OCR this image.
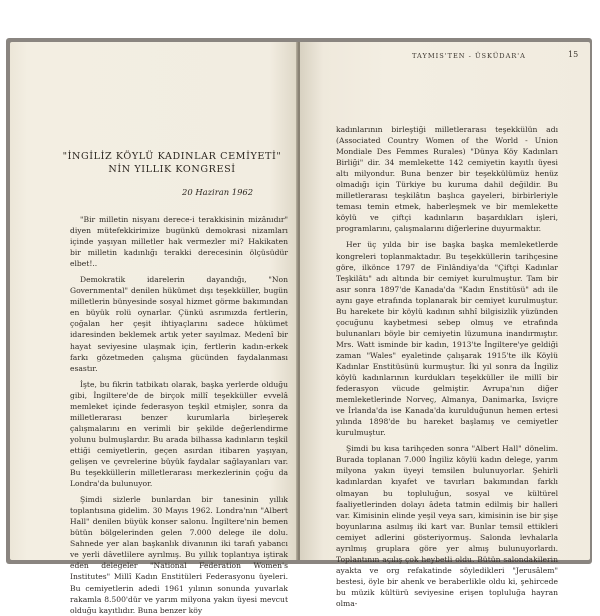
"İNGİLİZ KÖYLÜ KADINLAR CEMİYETİ" NİN YILLIK KONGRESİ
20 Haziran 1962

"Bir milletin nisyanı derece-i terakkisinin mizânıdır" diyen mütefekkirimize bugünkü demokrasi nizamları içinde yaşıyan milletler hak vermezler mi? Hakikaten bir milletin kadınlığı terakki derecesinin ölçüsüdür elbet!..

Demokratik idarelerin dayandığı, "Non Governmental" denilen hükümet dışı teşekküller, bugün milletlerin bünyesinde sosyal hizmet görme bakımından en büyük rolü oynarlar. Çünkü asrımızda fertlerin, çoğalan her çeşit ihtiyaçlarını sadece hükümet idaresinden beklemek artık yeter sayılmaz. Medenî bir hayat seviyesine ulaşmak için, fertlerin kadın-erkek farkı gözetmeden çalışma gücünden faydalanması esastır.

İşte, bu fikrin tatbikatı olarak, başka yerlerde olduğu gibi, İngiltere'de de birçok millî teşekküller evvelâ memleket içinde federasyon teşkil etmişler, sonra da milletlerarası benzer kurumlarla birleşerek çalışmalarını en verimli bir şekilde değerlendirme yolunu bulmuşlardır. Bu arada bilhassa kadınların teşkil ettiği cemiyetlerin, geçen asırdan itibaren yaşıyan, gelişen ve çevrelerine büyük faydalar sağlayanları var. Bu teşekküllerin milletlerarası merkezlerinin çoğu da Londra'da bulunuyor.

Şimdi sizlerle bunlardan bir tanesinin yıllık toplantısına gidelim. 30 Mayıs 1962. Londra'nın "Albert Hall" denilen büyük konser salonu. İngiltere'nin bemen bütün bölgelerinden gelen 7.000 delege ile dolu. Sahnede yer alan başkanlık divanının iki tarafı yabancı ve yerli dâvetlilere ayrılmış. Bu yıllık toplantıya iştirak eden delegeler "National Federation Women's Institutes" Millî Kadın Enstitüleri Federasyonu üyeleri. Bu cemiyetlerin adedi 1961 yılının sonunda yuvarlak rakamla 8.500'dür ve yarım milyona yakın üyesi mevcut olduğu kayıtlıdır. Buna benzer köy

TAYMIS'TEN - ÜSKÜDAR'A	15

kadınlarının birleştiği milletlerarası teşekkülün adı (Associated Country Women of the World - Union Mondiale Des Femmes Rurales) "Dünya Köy Kadınları Birliği" dir. 34 memlekette 142 cemiyetin kayıtlı üyesi altı milyondur. Buna benzer bir teşekkülümüz henüz olmadığı için Türkiye bu kuruma dahil değildir. Bu milletlerarası teşkilâtın başlıca gayeleri, birbirleriyle teması temin etmek, haberleşmek ve bir memlekette köylü ve çiftçi kadınların başardıkları işleri, programlarını, çalışmalarını diğerlerine duyurmaktır.

Her üç yılda bir ise başka başka memleketlerde kongreleri toplanmaktadır. Bu teşekküllerin tarihçesine göre, ilkönce 1797 de Finlândiya'da "Çiftçi Kadınlar Teşkilâtı" adı altında bir cemiyet kurulmuştur. Tam bir asır sonra 1897'de Kanada'da "Kadın Enstitüsü" adı ile aynı gaye etrafında toplanarak bir cemiyet kurulmuştur. Bu harekete bir köylü kadının sıhhî bilgisizlik yüzünden çocuğunu kaybetmesi sebep olmuş ve etrafında bulunanları böyle bir cemiyetin lüzumuna inandırmıştır. Mrs. Watt isminde bir kadın, 1913'te İngiltere'ye geldiği zaman "Wales" eyaletinde çalışarak 1915'te ilk Köylü Kadınlar Enstitüsünü kurmuştur. İki yıl sonra da İngiliz köylü kadınlarının kurdukları teşekküller ile millî bir federasyon vücude gelmiştir. Avrupa'nın diğer memleketlerinde Norveç, Almanya, Danimarka, Isviçre ve İrlanda'da ise Kanada'da kurulduğunun hemen ertesi yılında 1898'de bu hareket başlamış ve cemiyetler kurulmuştur.

Şimdi bu kısa tarihçeden sonra "Albert Hall" dönelim. Burada toplanan 7.000 İngiliz köylü kadın delege, yarım milyona yakın üyeyi temsilen bulunuyorlar. Şehirli kadınlardan kıyafet ve tavırları bakımından farklı olmayan bu topluluğun, sosyal ve kültürel faaliyetlerinden dolayı âdeta tatmin edilmiş bir halleri var. Kimisinin elinde yeşil veya sarı, kimisinin ise bir şişe boyunlarına asılmış iki kart var. Bunlar temsil ettikleri cemiyet adlerini gösteriyormuş. Salonda levhalarla ayrılmış gruplara göre yer almış bulunuyorlardı. Toplantının açılış çok heybetli oldu. Bütün salondakilerin ayakta ve org refakatinde söyledikleri "Jerusâlem" bestesi, öyle bir ahenk ve beraberlikle oldu ki, şehircede bu müzik kültürü seviyesine erişen topluluğa hayran olma-
